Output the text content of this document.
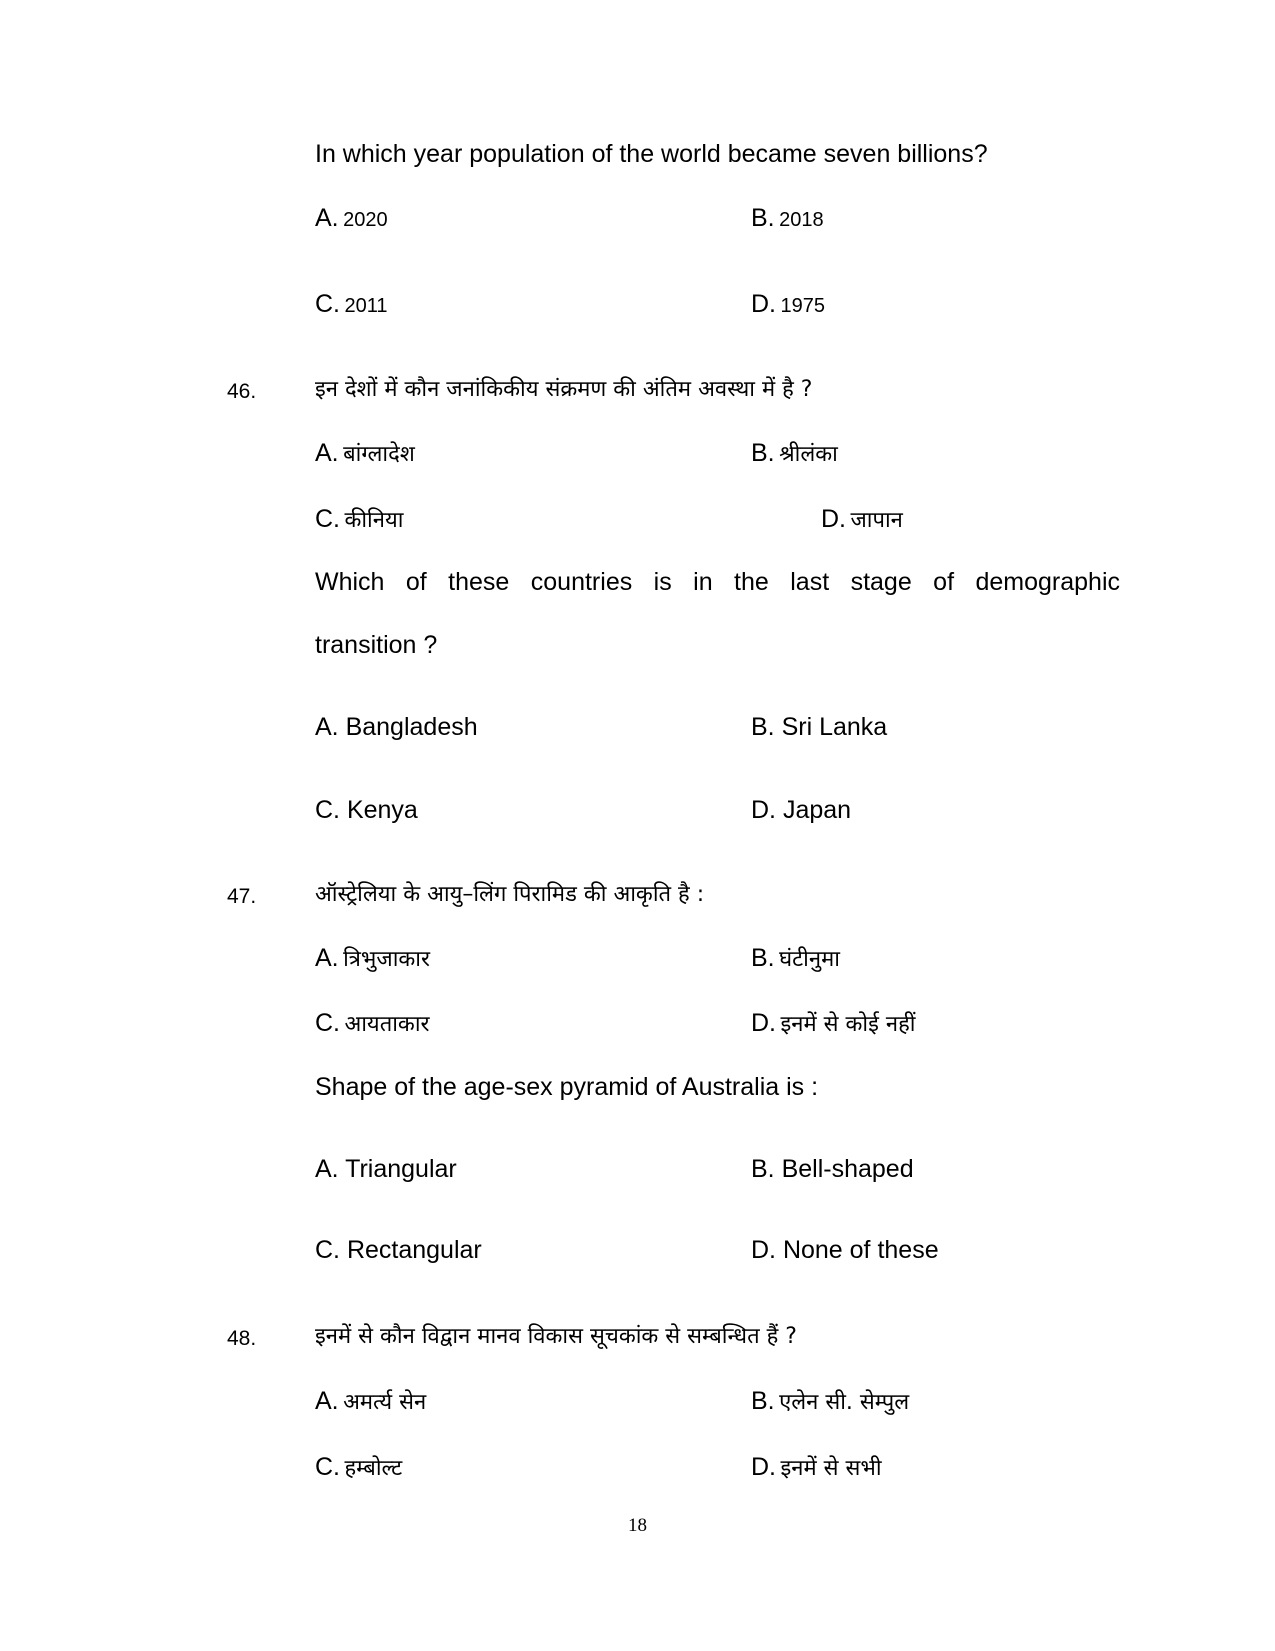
In which year population of the world became seven billions?
A. 2020	B. 2018
C. 2011	D. 1975
46.	इन देशों में कौन जनांकिकीय संक्रमण की अंतिम अवस्था में है ?
A. बांग्लादेश	B. श्रीलंका
C. कीनिया	D. जापान
Which of these countries is in the last stage of demographic
transition ?
A. Bangladesh	B. Sri Lanka
C. Kenya	D. Japan
47.	ऑस्ट्रेलिया के आयु–लिंग पिरामिड की आकृति है :
A. त्रिभुजाकार	B. घंटीनुमा
C. आयताकार	D. इनमें से कोई नहीं
Shape of the age-sex pyramid of Australia is :
A. Triangular	B. Bell-shaped
C. Rectangular	D. None of these
48.	इनमें से कौन विद्वान मानव विकास सूचकांक से सम्बन्धित हैं ?
A. अमर्त्य सेन	B. एलेन सी. सेम्पुल
C. हम्बोल्ट	D. इनमें से सभी
18
